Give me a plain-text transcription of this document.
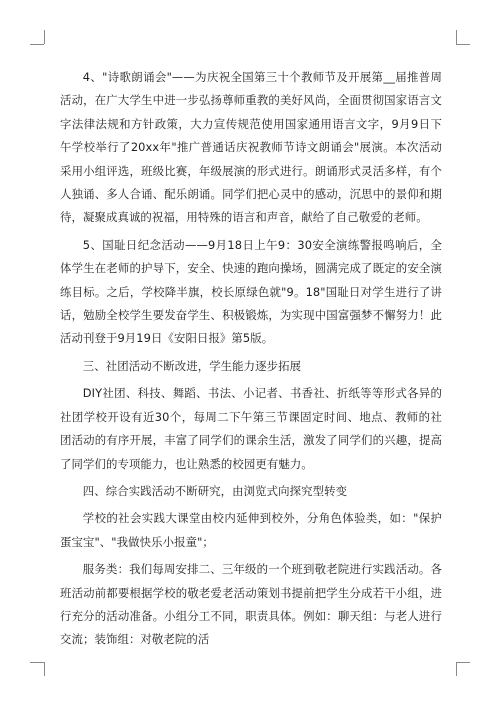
4、"诗歌朗诵会"——为庆祝全国第三十个教师节及开展第__届推普周活动，在广大学生中进一步弘扬尊师重教的美好风尚，全面贯彻国家语言文字法律法规和方针政策，大力宣传规范使用国家通用语言文字，9月9日下午学校举行了20xx年"推广普通话庆祝教师节诗文朗诵会"展演。本次活动采用小组评选，班级比赛，年级展演的形式进行。朗诵形式灵活多样，有个人独诵、多人合诵、配乐朗诵。同学们把心灵中的感动，沉思中的景仰和期待，凝聚成真诚的祝福，用特殊的语言和声音，献给了自己敬爱的老师。

5、国耻日纪念活动——9月18日上午9：30安全演练警报鸣响后，全体学生在老师的护导下，安全、快速的跑向操场，圆满完成了既定的安全演练目标。之后，学校降半旗，校长原绿色就"9。18"国耻日对学生进行了讲话，勉励全校学生要发奋学生、积极锻炼，为实现中国富强梦不懈努力！此活动刊登于9月19日《安阳日报》第5版。

三、社团活动不断改进，学生能力逐步拓展

DIY社团、科技、舞蹈、书法、小记者、书香社、折纸等等形式各异的社团学校开设有近30个，每周二下午第三节课固定时间、地点、教师的社团活动的有序开展，丰富了同学们的课余生活，激发了同学们的兴趣，提高了同学们的专项能力，也让熟悉的校园更有魅力。

四、综合实践活动不断研究，由浏览式向探究型转变

学校的社会实践大课堂由校内延伸到校外，分角色体验类，如："保护蛋宝宝"、"我做快乐小报童"；

服务类：我们每周安排二、三年级的一个班到敬老院进行实践活动。各班活动前都要根据学校的敬老爱老活动策划书提前把学生分成若干小组，进行充分的活动准备。小组分工不同，职责具体。例如：聊天组：与老人进行交流；装饰组：对敬老院的活
